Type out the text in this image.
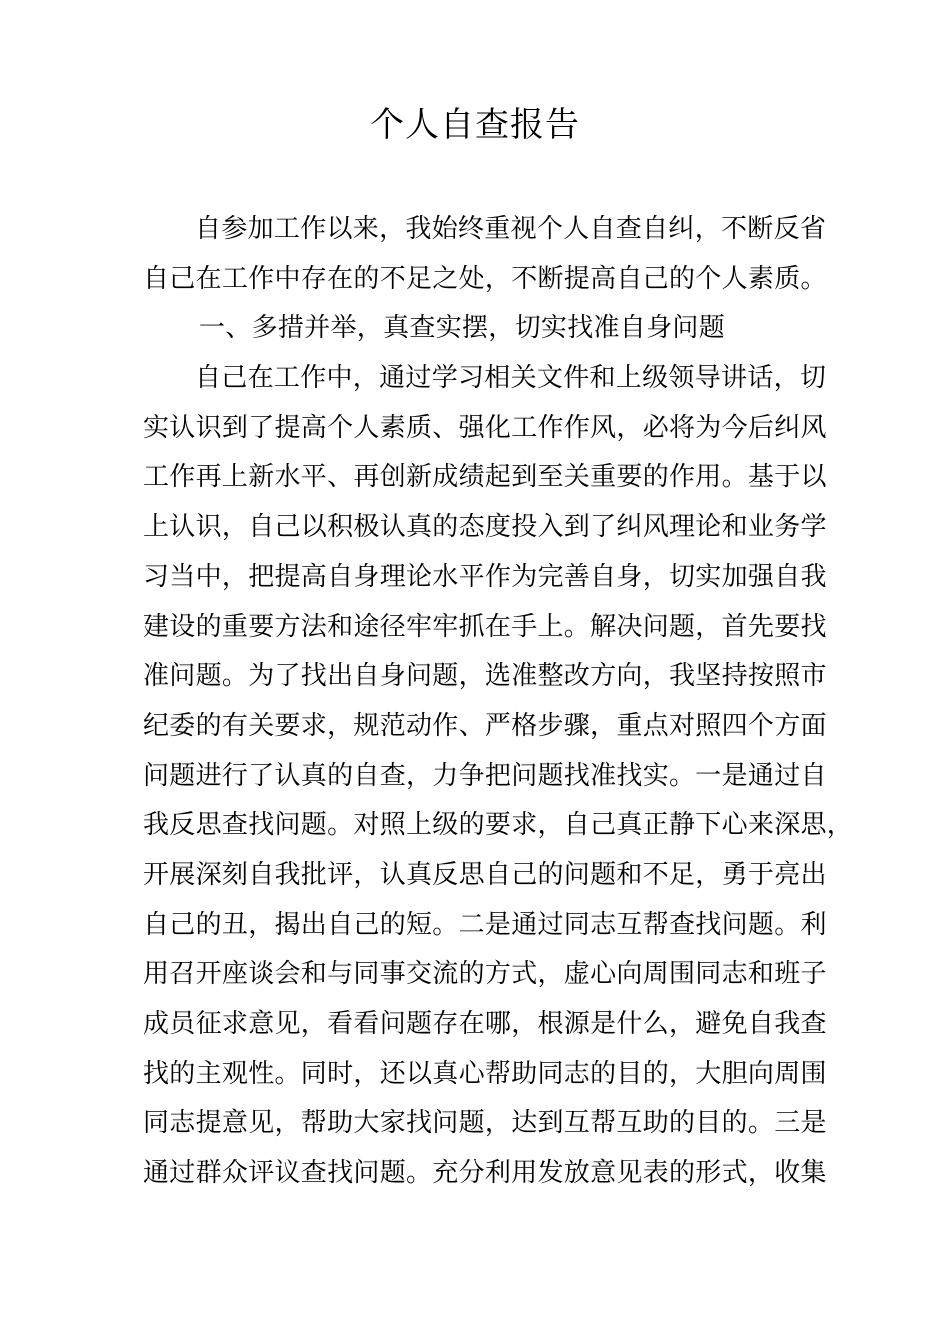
个人自查报告
自参加工作以来，我始终重视个人自查自纠，不断反省
自己在工作中存在的不足之处，不断提高自己的个人素质。
一、多措并举，真查实摆，切实找准自身问题
自己在工作中，通过学习相关文件和上级领导讲话，切
实认识到了提高个人素质、强化工作作风，必将为今后纠风
工作再上新水平、再创新成绩起到至关重要的作用。基于以
上认识，自己以积极认真的态度投入到了纠风理论和业务学
习当中，把提高自身理论水平作为完善自身，切实加强自我
建设的重要方法和途径牢牢抓在手上。解决问题，首先要找
准问题。为了找出自身问题，选准整改方向，我坚持按照市
纪委的有关要求，规范动作、严格步骤，重点对照四个方面
问题进行了认真的自查，力争把问题找准找实。一是通过自
我反思查找问题。对照上级的要求，自己真正静下心来深思，
开展深刻自我批评，认真反思自己的问题和不足，勇于亮出
自己的丑，揭出自己的短。二是通过同志互帮查找问题。利
用召开座谈会和与同事交流的方式，虚心向周围同志和班子
成员征求意见，看看问题存在哪，根源是什么，避免自我查
找的主观性。同时，还以真心帮助同志的目的，大胆向周围
同志提意见，帮助大家找问题，达到互帮互助的目的。三是
通过群众评议查找问题。充分利用发放意见表的形式，收集
